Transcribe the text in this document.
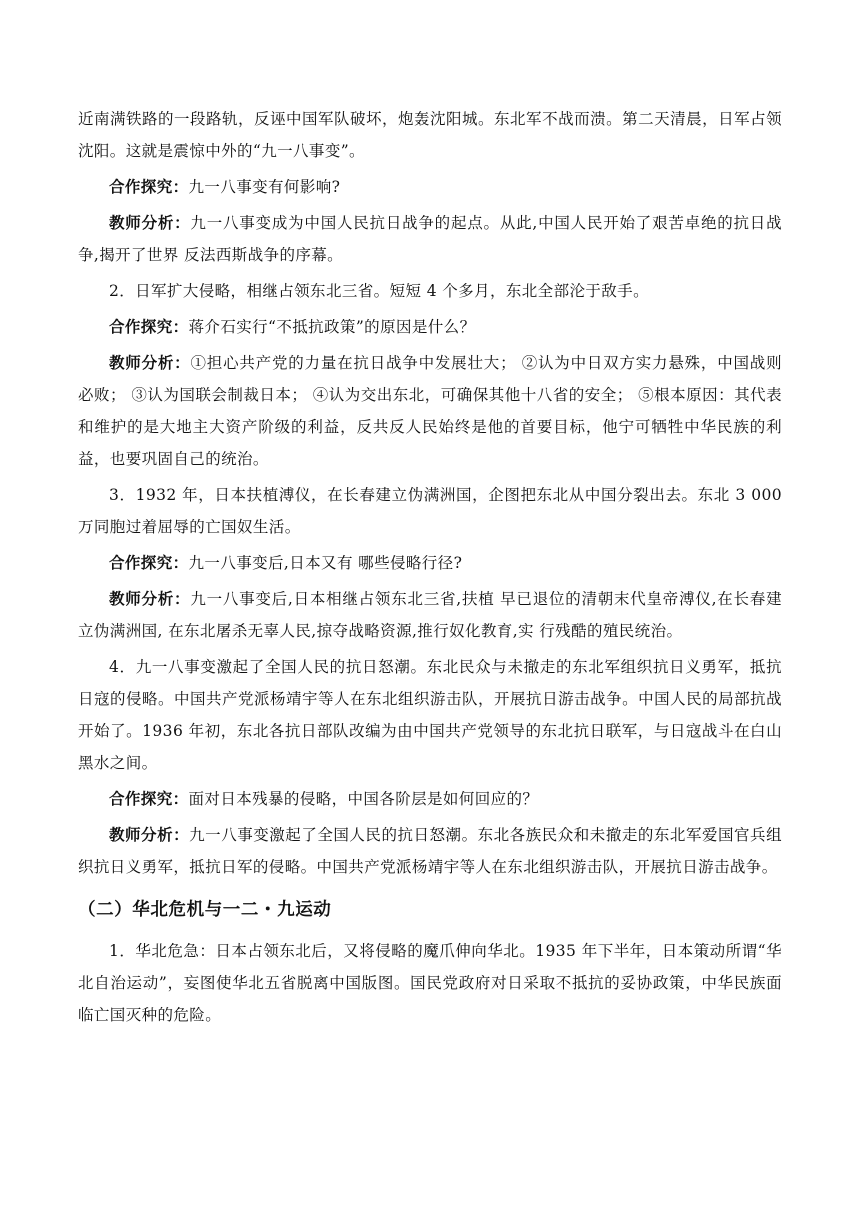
近南满铁路的一段路轨，反诬中国军队破坏，炮轰沈阳城。东北军不战而溃。第二天清晨，日军占领沈阳。这就是震惊中外的“九一八事变”。

合作探究：九一八事变有何影响?

教师分析：九一八事变成为中国人民抗日战争的起点。从此,中国人民开始了艰苦卓绝的抗日战争,揭开了世界 反法西斯战争的序幕。

2．日军扩大侵略，相继占领东北三省。短短 4 个多月，东北全部沦于敌手。

合作探究：蒋介石实行“不抵抗政策”的原因是什么？

教师分析：①担心共产党的力量在抗日战争中发展壮大； ②认为中日双方实力悬殊，中国战则必败； ③认为国联会制裁日本； ④认为交出东北，可确保其他十八省的安全； ⑤根本原因：其代表和维护的是大地主大资产阶级的利益，反共反人民始终是他的首要目标，他宁可牺牲中华民族的利益，也要巩固自己的统治。

3．1932 年，日本扶植溥仪，在长春建立伪满洲国，企图把东北从中国分裂出去。东北 3 000 万同胞过着屈辱的亡国奴生活。

合作探究：九一八事变后,日本又有 哪些侵略行径?

教师分析：九一八事变后,日本相继占领东北三省,扶植 早已退位的清朝末代皇帝溥仪,在长春建立伪满洲国, 在东北屠杀无辜人民,掠夺战略资源,推行奴化教育,实 行残酷的殖民统治。

4．九一八事变激起了全国人民的抗日怒潮。东北民众与未撤走的东北军组织抗日义勇军，抵抗日寇的侵略。中国共产党派杨靖宇等人在东北组织游击队，开展抗日游击战争。中国人民的局部抗战开始了。1936 年初，东北各抗日部队改编为由中国共产党领导的东北抗日联军，与日寇战斗在白山黑水之间。

合作探究：面对日本残暴的侵略，中国各阶层是如何回应的？

教师分析：九一八事变激起了全国人民的抗日怒潮。东北各族民众和未撤走的东北军爱国官兵组织抗日义勇军，抵抗日军的侵略。中国共产党派杨靖宇等人在东北组织游击队，开展抗日游击战争。

（二）华北危机与一二・九运动

1．华北危急：日本占领东北后，又将侵略的魔爪伸向华北。1935 年下半年，日本策动所谓“华北自治运动”，妄图使华北五省脱离中国版图。国民党政府对日采取不抵抗的妥协政策，中华民族面临亡国灭种的危险。
